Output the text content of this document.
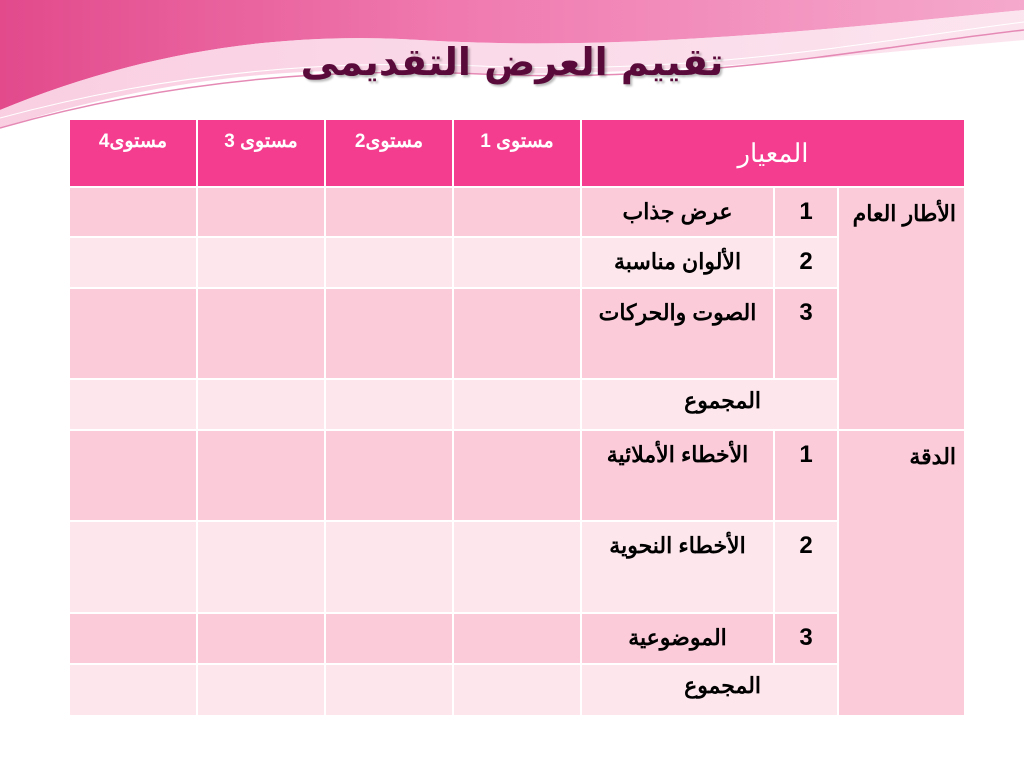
تقييم العرض التقديمى
المعيار			مستوى 1	مستوى2	مستوى 3	مستوى4
الأطار العام	1	عرض جذاب				
	2	الألوان مناسبة				
	3	الصوت والحركات				
	المجموع					
الدقة	1	الأخطاء الأملائية				
	2	الأخطاء النحوية				
	3	الموضوعية				
	المجموع					
